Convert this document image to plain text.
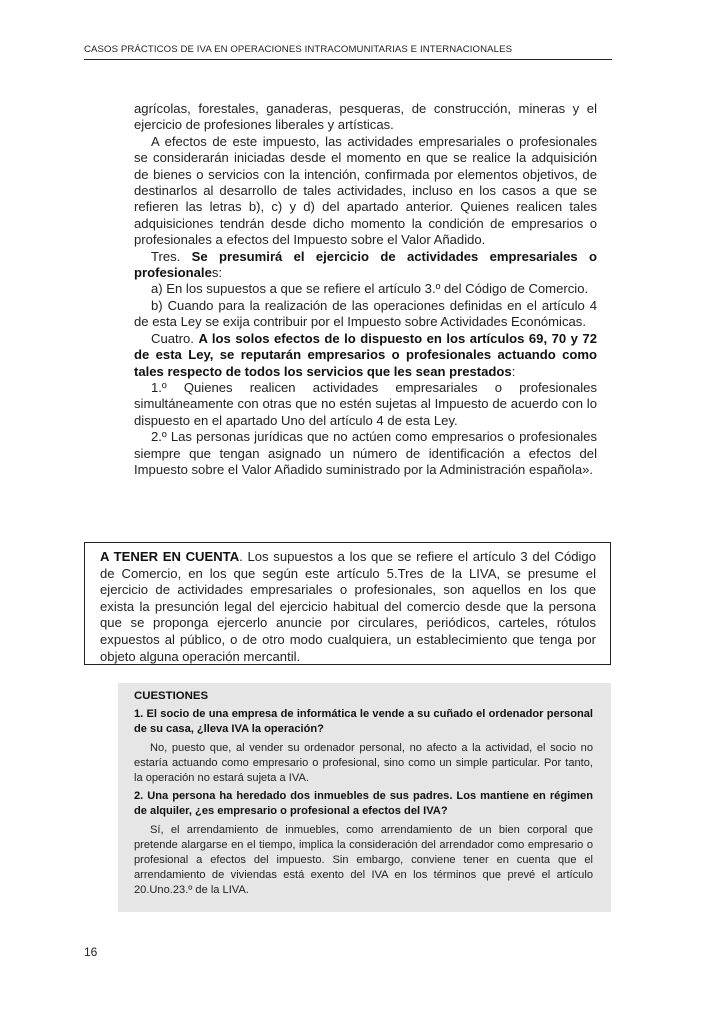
CASOS PRÁCTICOS DE IVA EN OPERACIONES INTRACOMUNITARIAS E INTERNACIONALES

agrícolas, forestales, ganaderas, pesqueras, de construcción, mineras y el ejercicio de profesiones liberales y artísticas.

A efectos de este impuesto, las actividades empresariales o profesionales se considerarán iniciadas desde el momento en que se realice la adquisición de bienes o servicios con la intención, confirmada por elementos objetivos, de destinarlos al desarrollo de tales actividades, incluso en los casos a que se refieren las letras b), c) y d) del apartado anterior. Quienes realicen tales adquisiciones tendrán desde dicho momento la condición de empresarios o profesionales a efectos del Impuesto sobre el Valor Añadido.

Tres. Se presumirá el ejercicio de actividades empresariales o profesionales:

a) En los supuestos a que se refiere el artículo 3.º del Código de Comercio.

b) Cuando para la realización de las operaciones definidas en el artículo 4 de esta Ley se exija contribuir por el Impuesto sobre Actividades Económicas.

Cuatro. A los solos efectos de lo dispuesto en los artículos 69, 70 y 72 de esta Ley, se reputarán empresarios o profesionales actuando como tales respecto de todos los servicios que les sean prestados:

1.º Quienes realicen actividades empresariales o profesionales simultáneamente con otras que no estén sujetas al Impuesto de acuerdo con lo dispuesto en el apartado Uno del artículo 4 de esta Ley.

2.º Las personas jurídicas que no actúen como empresarios o profesionales siempre que tengan asignado un número de identificación a efectos del Impuesto sobre el Valor Añadido suministrado por la Administración española».

A TENER EN CUENTA. Los supuestos a los que se refiere el artículo 3 del Código de Comercio, en los que según este artículo 5.Tres de la LIVA, se presume el ejercicio de actividades empresariales o profesionales, son aquellos en los que exista la presunción legal del ejercicio habitual del comercio desde que la persona que se proponga ejercerlo anuncie por circulares, periódicos, carteles, rótulos expuestos al público, o de otro modo cualquiera, un establecimiento que tenga por objeto alguna operación mercantil.
CUESTIONES
1. El socio de una empresa de informática le vende a su cuñado el ordenador personal de su casa, ¿lleva IVA la operación?
No, puesto que, al vender su ordenador personal, no afecto a la actividad, el socio no estaría actuando como empresario o profesional, sino como un simple particular. Por tanto, la operación no estará sujeta a IVA.
2. Una persona ha heredado dos inmuebles de sus padres. Los mantiene en régimen de alquiler, ¿es empresario o profesional a efectos del IVA?
Sí, el arrendamiento de inmuebles, como arrendamiento de un bien corporal que pretende alargarse en el tiempo, implica la consideración del arrendador como empresario o profesional a efectos del impuesto. Sin embargo, conviene tener en cuenta que el arrendamiento de viviendas está exento del IVA en los términos que prevé el artículo 20.Uno.23.º de la LIVA.
16
